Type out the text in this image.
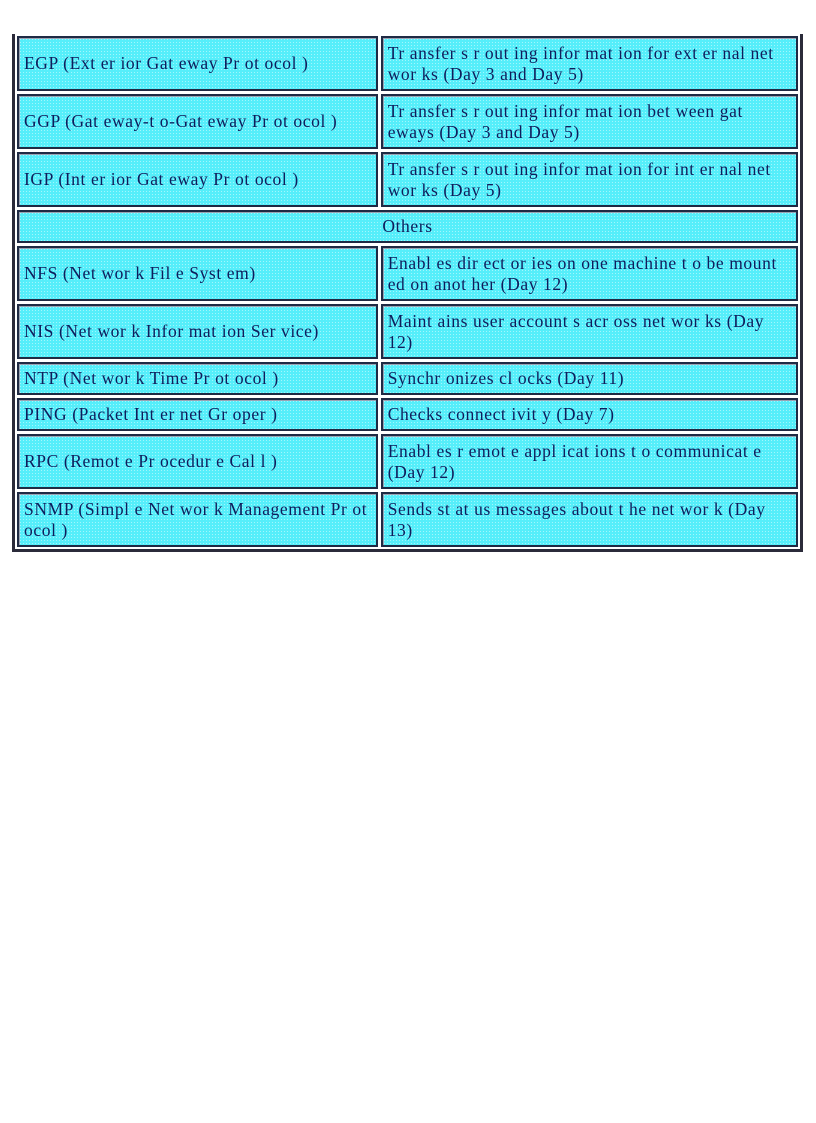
EGP (Ext er ior Gat eway Pr ot ocol )
Tr ansfer s r out ing infor mat ion for ext er nal net wor ks (Day 3 and Day 5)
GGP (Gat eway-t o-Gat eway Pr ot ocol )
Tr ansfer s r out ing infor mat ion bet ween gat eways (Day 3 and Day 5)
IGP (Int er ior Gat eway Pr ot ocol )
Tr ansfer s r out ing infor mat ion for int er nal net wor ks (Day 5)
Others
NFS (Net wor k Fil e Syst em)
Enabl es dir ect or ies on one machine t o be mount ed on anot her (Day 12)
NIS (Net wor k Infor mat ion Ser vice)
Maint ains user account s acr oss net wor ks (Day 12)
NTP (Net wor k Time Pr ot ocol )	Synchr onizes cl ocks (Day 11)
PING (Packet Int er net Gr oper )	Checks connect ivit y (Day 7)
RPC (Remot e Pr ocedur e Cal l )
Enabl es r emot e appl icat ions t o communicat e (Day 12)
SNMP (Simpl e Net wor k Management Pr ot ocol )
Sends st at us messages about t he net wor k (Day 13)
